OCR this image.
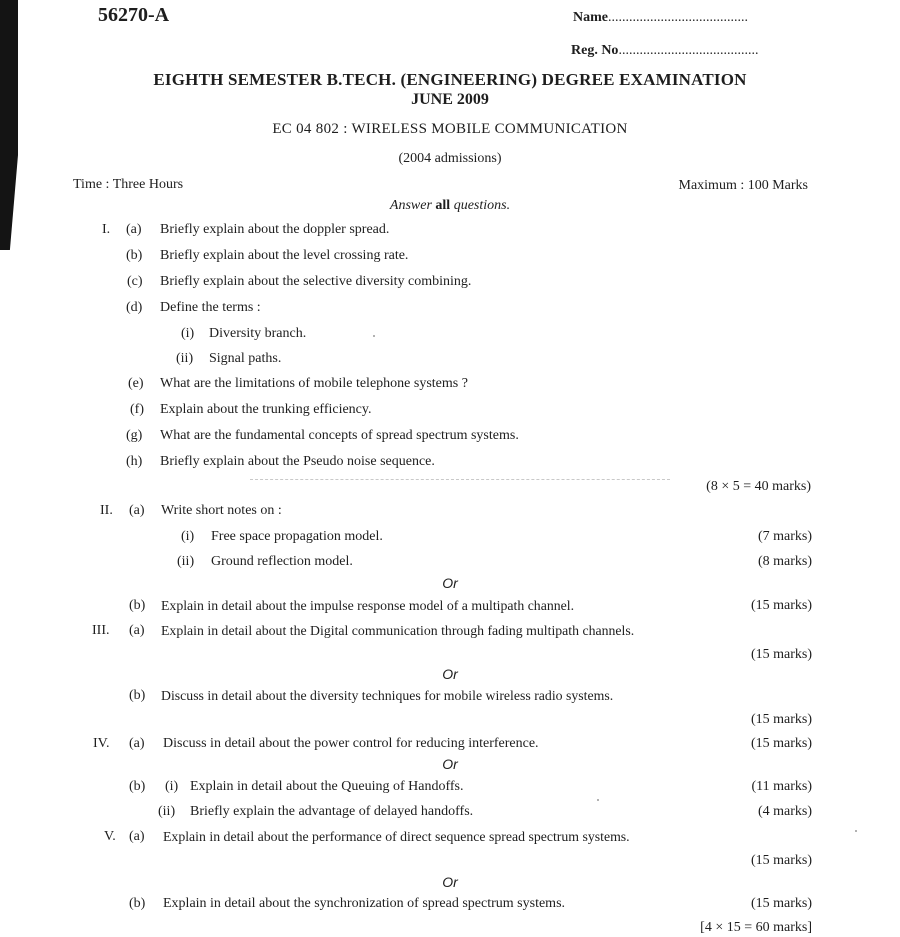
56270-A	Name........................................
Reg. No........................................
EIGHTH SEMESTER B.TECH. (ENGINEERING) DEGREE EXAMINATION
JUNE 2009
EC 04 802 : WIRELESS MOBILE COMMUNICATION
(2004 admissions)
Time : Three Hours	Maximum : 100 Marks
Answer all questions.
I. (a) Briefly explain about the doppler spread.
(b) Briefly explain about the level crossing rate.
(c) Briefly explain about the selective diversity combining.
(d) Define the terms :
(i) Diversity branch.
(ii) Signal paths.
(e) What are the limitations of mobile telephone systems ?
(f) Explain about the trunking efficiency.
(g) What are the fundamental concepts of spread spectrum systems.
(h) Briefly explain about the Pseudo noise sequence.
(8 × 5 = 40 marks)
II. (a) Write short notes on :
(i) Free space propagation model.	(7 marks)
(ii) Ground reflection model.	(8 marks)
Or
(b) Explain in detail about the impulse response model of a multipath channel.	(15 marks)
III. (a) Explain in detail about the Digital communication through fading multipath channels.
(15 marks)
Or
(b) Discuss in detail about the diversity techniques for mobile wireless radio systems.
(15 marks)
IV. (a) Discuss in detail about the power control for reducing interference.	(15 marks)
Or
(b) (i) Explain in detail about the Queuing of Handoffs.	(11 marks)
(ii) Briefly explain the advantage of delayed handoffs.	(4 marks)
V. (a) Explain in detail about the performance of direct sequence spread spectrum systems.
(15 marks)
Or
(b) Explain in detail about the synchronization of spread spectrum systems.	(15 marks)
[4 × 15 = 60 marks]
